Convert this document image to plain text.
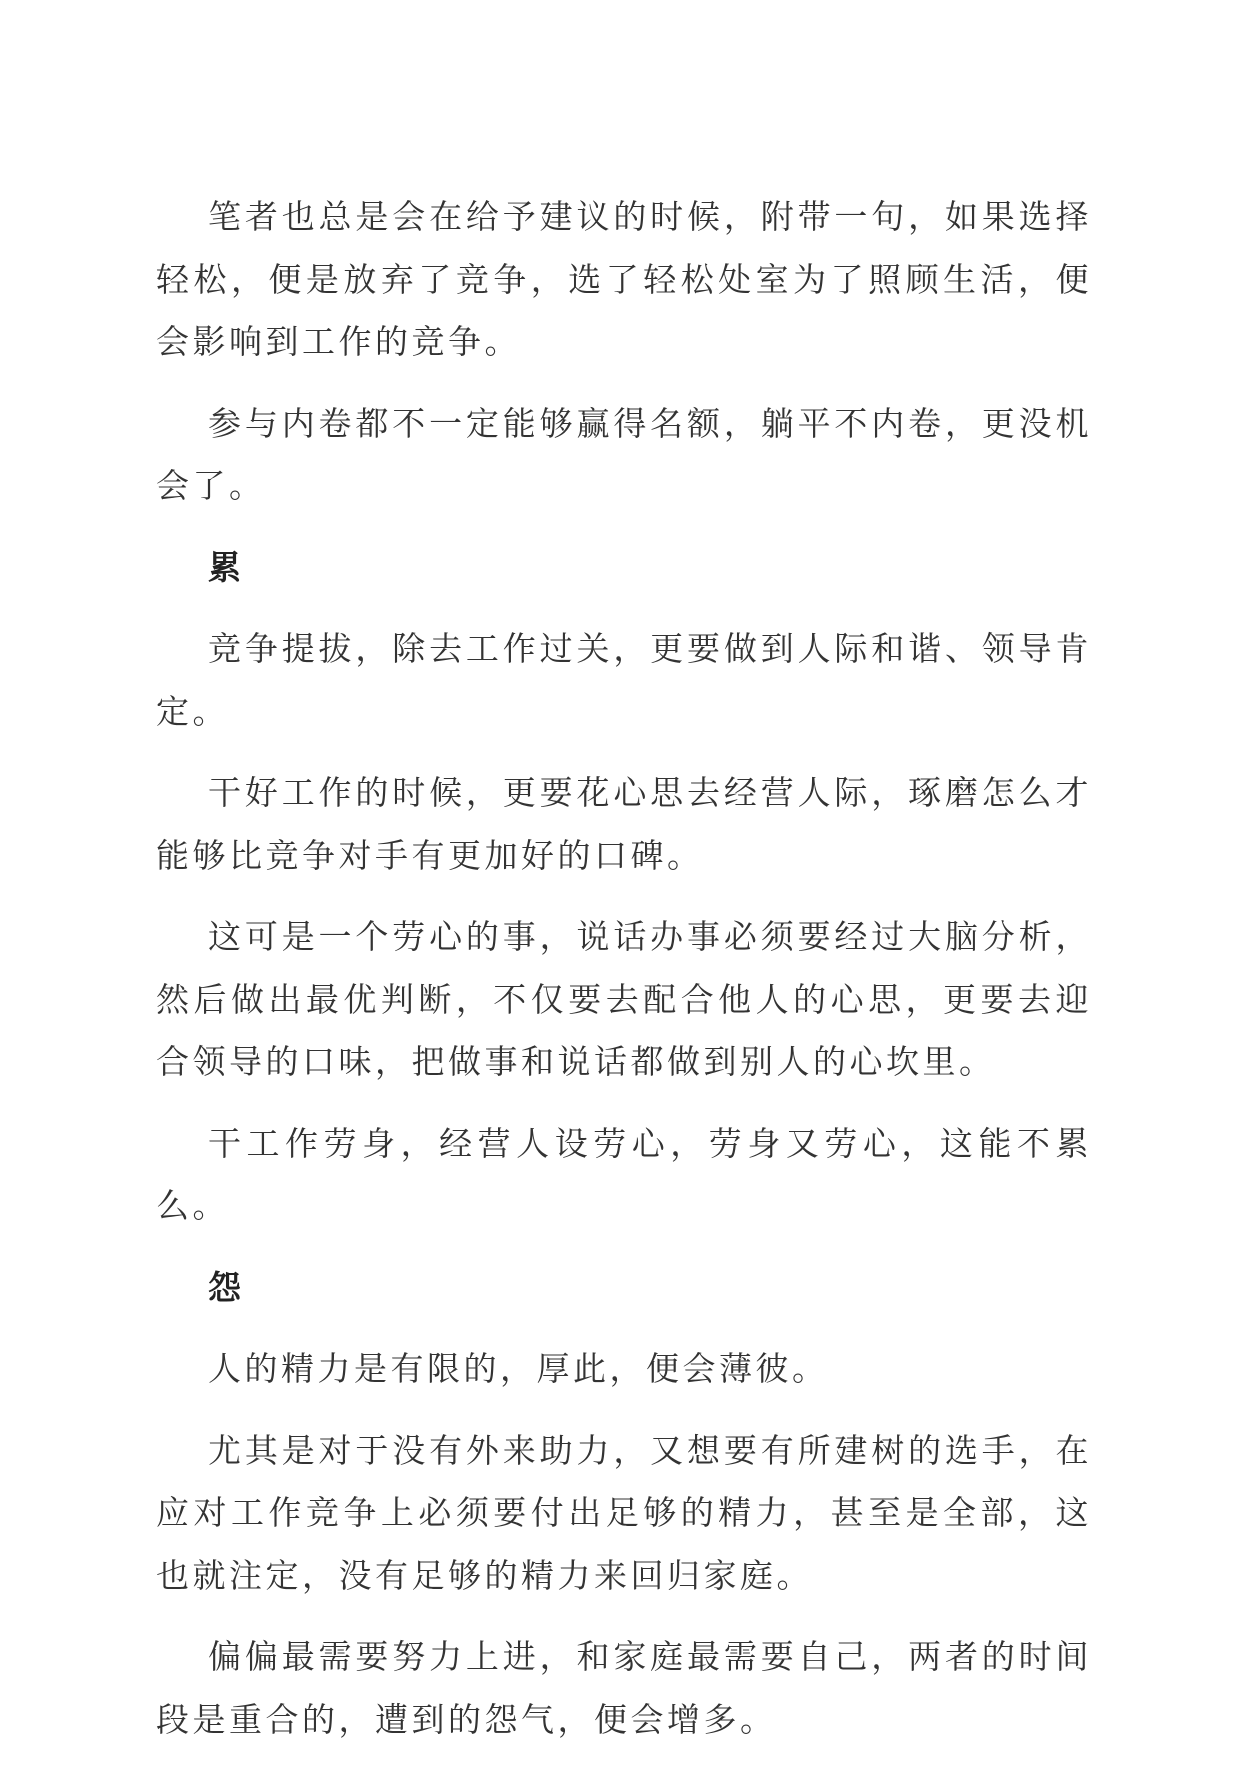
笔者也总是会在给予建议的时候，附带一句，如果选择轻松，便是放弃了竞争，选了轻松处室为了照顾生活，便会影响到工作的竞争。

参与内卷都不一定能够赢得名额，躺平不内卷，更没机会了。

累

竞争提拔，除去工作过关，更要做到人际和谐、领导肯定。

干好工作的时候，更要花心思去经营人际，琢磨怎么才能够比竞争对手有更加好的口碑。

这可是一个劳心的事，说话办事必须要经过大脑分析，然后做出最优判断，不仅要去配合他人的心思，更要去迎合领导的口味，把做事和说话都做到别人的心坎里。

干工作劳身，经营人设劳心，劳身又劳心，这能不累么。

怨

人的精力是有限的，厚此，便会薄彼。

尤其是对于没有外来助力，又想要有所建树的选手，在应对工作竞争上必须要付出足够的精力，甚至是全部，这也就注定，没有足够的精力来回归家庭。

偏偏最需要努力上进，和家庭最需要自己，两者的时间段是重合的，遭到的怨气，便会增多。
